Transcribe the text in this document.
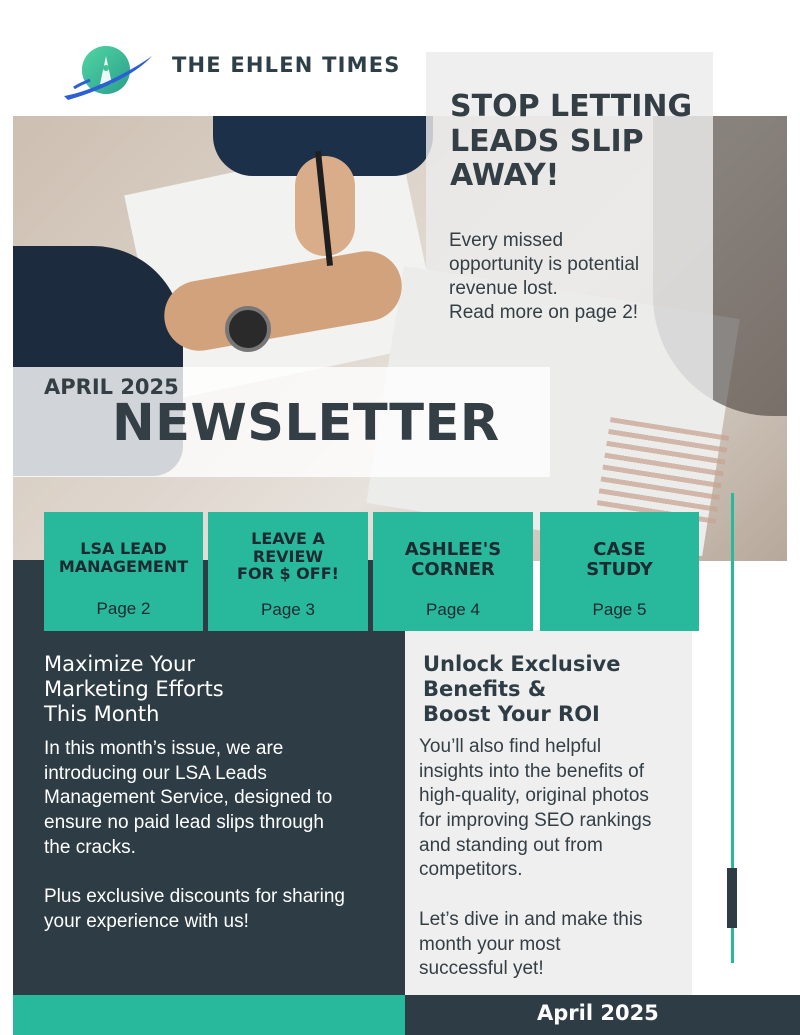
THE EHLEN TIMES
STOP LETTING LEADS SLIP AWAY!

Every missed
opportunity is potential
revenue lost.
Read more on page 2!

APRIL 2025
NEWSLETTER
LSA LEAD
MANAGEMENT
Page 2
LEAVE A
REVIEW
FOR $ OFF!
Page 3
ASHLEE'S
CORNER
Page 4
CASE
STUDY
Page 5
Maximize Your
Marketing Efforts
This Month

In this month’s issue, we are
introducing our LSA Leads
Management Service, designed to
ensure no paid lead slips through
the cracks.

Plus exclusive discounts for sharing
your experience with us!

Unlock Exclusive
Benefits &
Boost Your ROI

You’ll also find helpful
insights into the benefits of
high-quality, original photos
for improving SEO rankings
and standing out from
competitors.

Let’s dive in and make this
month your most
successful yet!

April 2025
